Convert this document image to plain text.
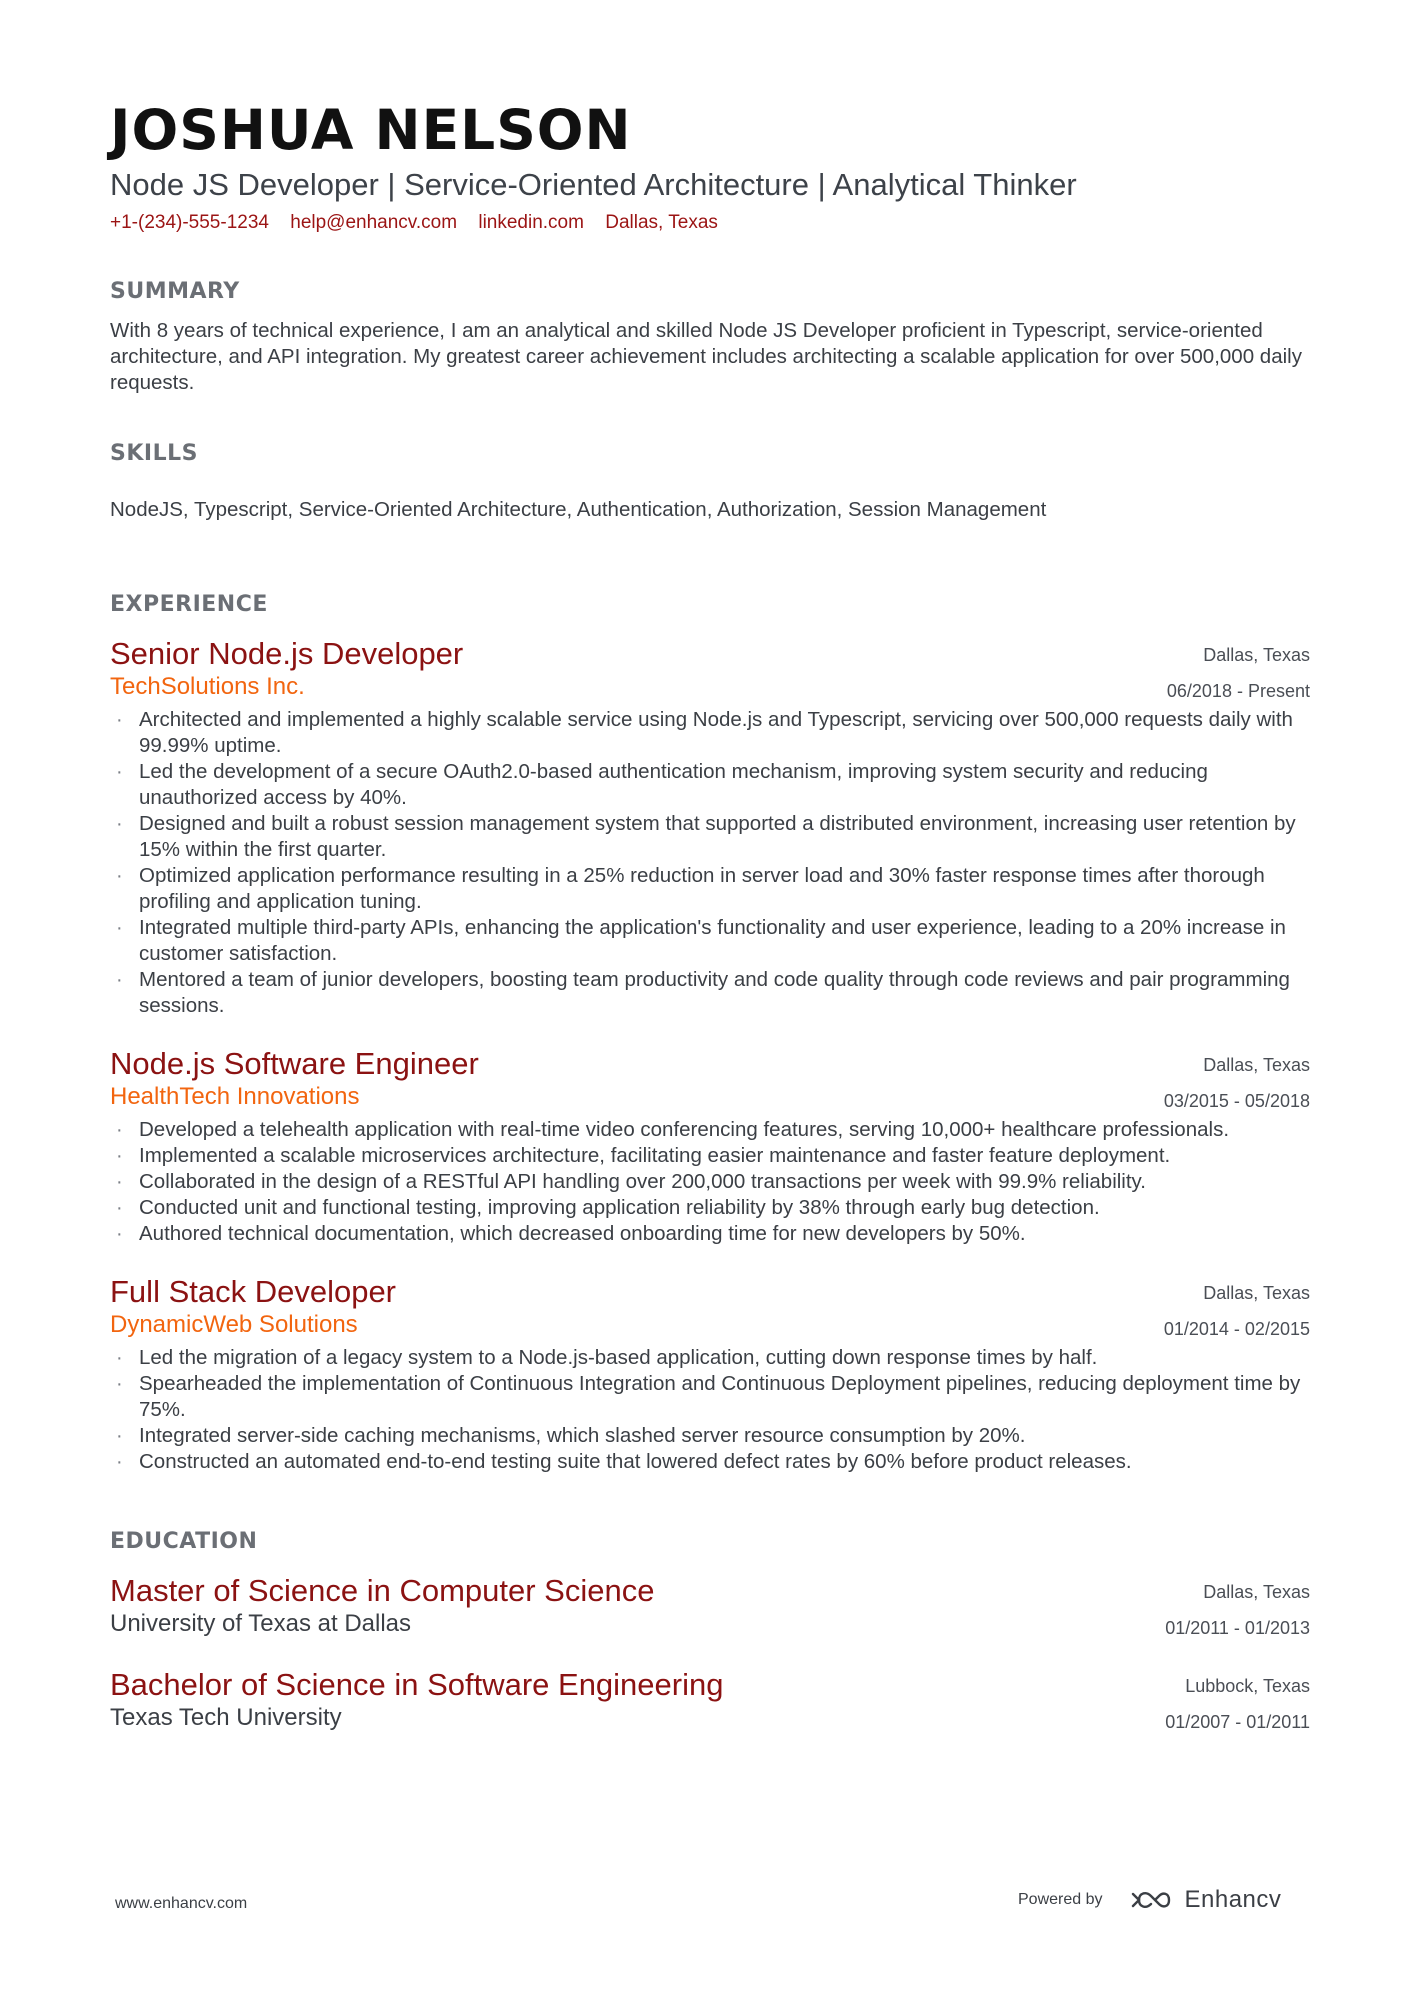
JOSHUA NELSON
Node JS Developer | Service-Oriented Architecture | Analytical Thinker
+1-(234)-555-1234 help@enhancv.com linkedin.com Dallas, Texas
SUMMARY
With 8 years of technical experience, I am an analytical and skilled Node JS Developer proficient in Typescript, service-oriented architecture, and API integration. My greatest career achievement includes architecting a scalable application for over 500,000 daily requests.
SKILLS
NodeJS, Typescript, Service-Oriented Architecture, Authentication, Authorization, Session Management
EXPERIENCE
Senior Node.js Developer
TechSolutions Inc.
Dallas, Texas
06/2018 - Present
· Architected and implemented a highly scalable service using Node.js and Typescript, servicing over 500,000 requests daily with 99.99% uptime.
· Led the development of a secure OAuth2.0-based authentication mechanism, improving system security and reducing unauthorized access by 40%.
· Designed and built a robust session management system that supported a distributed environment, increasing user retention by 15% within the first quarter.
· Optimized application performance resulting in a 25% reduction in server load and 30% faster response times after thorough profiling and application tuning.
· Integrated multiple third-party APIs, enhancing the application's functionality and user experience, leading to a 20% increase in customer satisfaction.
· Mentored a team of junior developers, boosting team productivity and code quality through code reviews and pair programming sessions.
Node.js Software Engineer
HealthTech Innovations
Dallas, Texas
03/2015 - 05/2018
· Developed a telehealth application with real-time video conferencing features, serving 10,000+ healthcare professionals.
· Implemented a scalable microservices architecture, facilitating easier maintenance and faster feature deployment.
· Collaborated in the design of a RESTful API handling over 200,000 transactions per week with 99.9% reliability.
· Conducted unit and functional testing, improving application reliability by 38% through early bug detection.
· Authored technical documentation, which decreased onboarding time for new developers by 50%.
Full Stack Developer
DynamicWeb Solutions
Dallas, Texas
01/2014 - 02/2015
· Led the migration of a legacy system to a Node.js-based application, cutting down response times by half.
· Spearheaded the implementation of Continuous Integration and Continuous Deployment pipelines, reducing deployment time by 75%.
· Integrated server-side caching mechanisms, which slashed server resource consumption by 20%.
· Constructed an automated end-to-end testing suite that lowered defect rates by 60% before product releases.
EDUCATION
Master of Science in Computer Science
University of Texas at Dallas
Dallas, Texas
01/2011 - 01/2013
Bachelor of Science in Software Engineering
Texas Tech University
Lubbock, Texas
01/2007 - 01/2011
www.enhancv.com	Powered by	Enhancv
